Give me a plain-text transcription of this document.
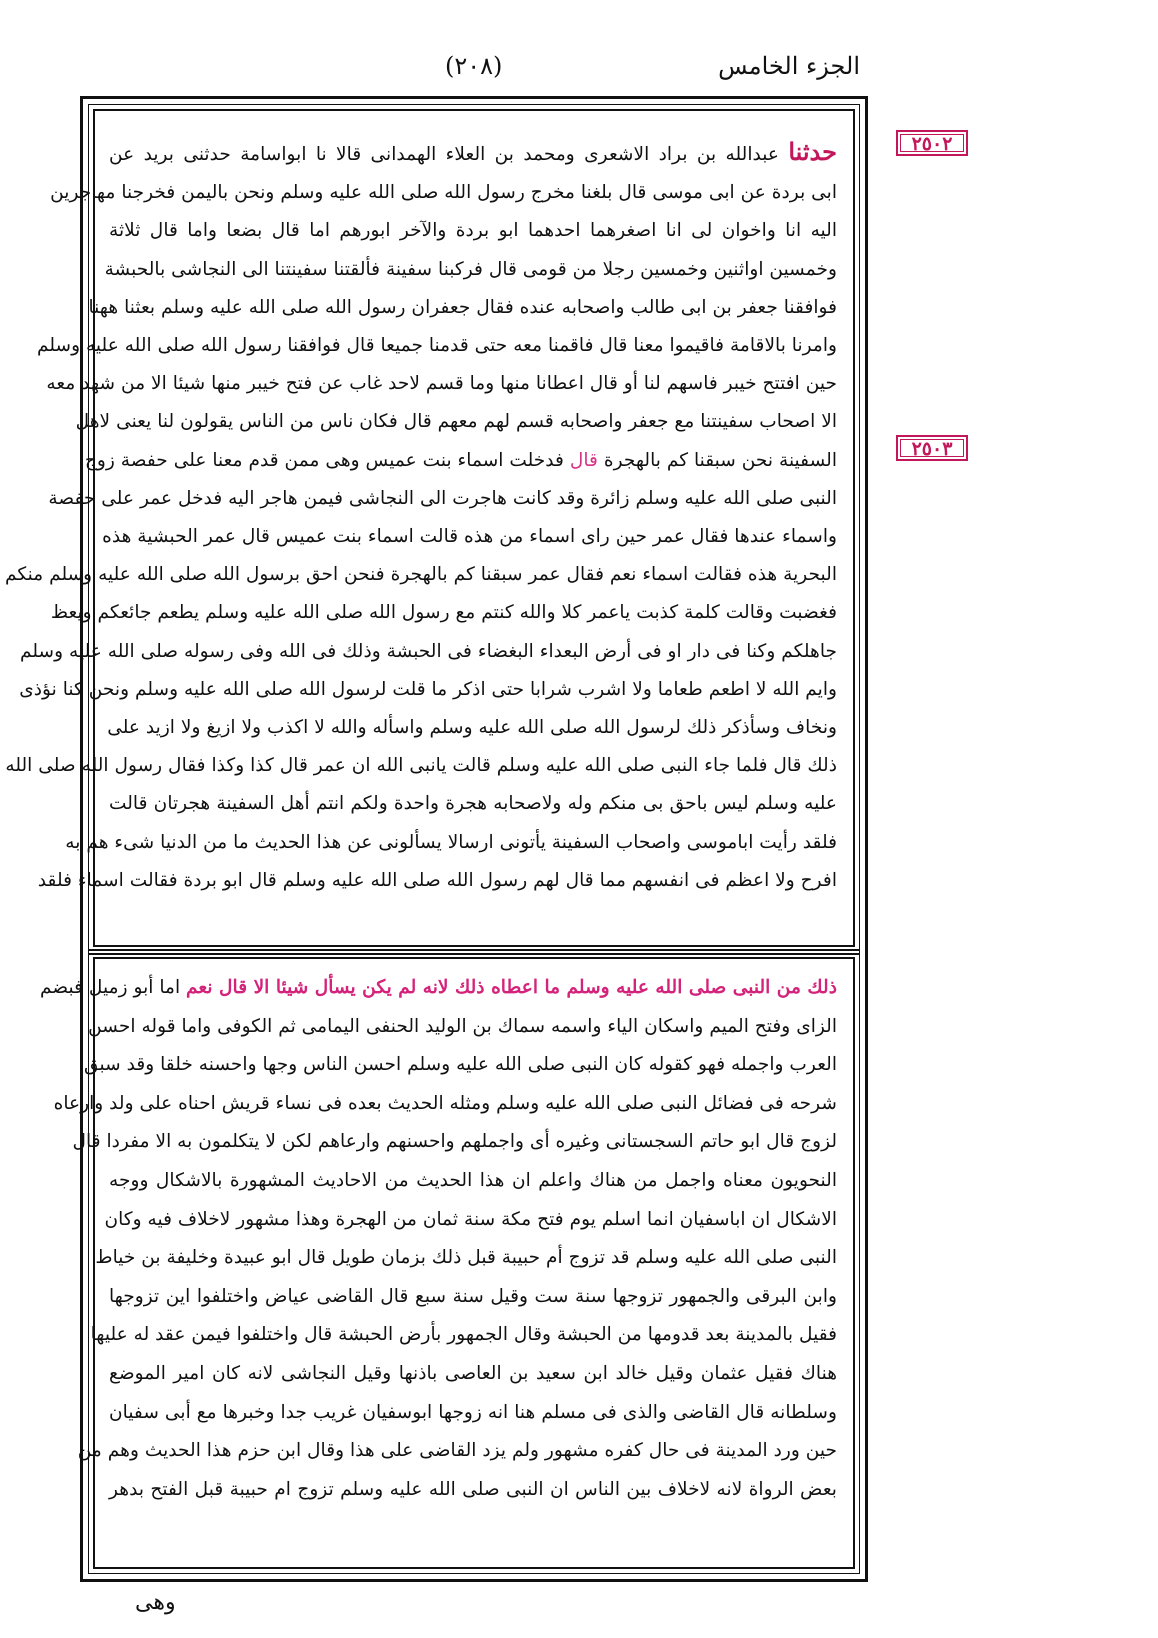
الجزء الخامس
(٢٠٨)
٢٥٠٢
٢٥٠٣
حدثنا عبدالله بن براد الاشعرى ومحمد بن العلاء الهمدانى قالا نا ابواسامة حدثنى بريد عن
ابى بردة عن ابى موسى قال بلغنا مخرج رسول الله صلى الله عليه وسلم ونحن باليمن فخرجنا مهاجرين
اليه انا واخوان لى انا اصغرهما احدهما ابو بردة والآخر ابورهم اما قال بضعا واما قال ثلاثة
وخمسين اواثنين وخمسين رجلا من قومى قال فركبنا سفينة فألقتنا سفينتنا الى النجاشى بالحبشة
فوافقنا جعفر بن ابى طالب واصحابه عنده فقال جعفران رسول الله صلى الله عليه وسلم بعثنا ههنا
وامرنا بالاقامة فاقيموا معنا قال فاقمنا معه حتى قدمنا جميعا قال فوافقنا رسول الله صلى الله عليه وسلم
حين افتتح خيبر فاسهم لنا أو قال اعطانا منها وما قسم لاحد غاب عن فتح خيبر منها شيئا الا من شهد معه
الا اصحاب سفينتنا مع جعفر واصحابه قسم لهم معهم قال فكان ناس من الناس يقولون لنا يعنى لاهل
السفينة نحن سبقنا كم بالهجرة قال فدخلت اسماء بنت عميس وهى ممن قدم معنا على حفصة زوج
النبى صلى الله عليه وسلم زائرة وقد كانت هاجرت الى النجاشى فيمن هاجر اليه فدخل عمر على حفصة
واسماء عندها فقال عمر حين راى اسماء من هذه قالت اسماء بنت عميس قال عمر الحبشية هذه
البحرية هذه فقالت اسماء نعم فقال عمر سبقنا كم بالهجرة فنحن احق برسول الله صلى الله عليه وسلم منكم
فغضبت وقالت كلمة كذبت ياعمر كلا والله كنتم مع رسول الله صلى الله عليه وسلم يطعم جائعكم ويعظ
جاهلكم وكنا فى دار او فى أرض البعداء البغضاء فى الحبشة وذلك فى الله وفى رسوله صلى الله عليه وسلم
وايم الله لا اطعم طعاما ولا اشرب شرابا حتى اذكر ما قلت لرسول الله صلى الله عليه وسلم ونحن كنا نؤذى
ونخاف وسأذكر ذلك لرسول الله صلى الله عليه وسلم واسأله والله لا اكذب ولا ازيغ ولا ازيد على
ذلك قال فلما جاء النبى صلى الله عليه وسلم قالت يانبى الله ان عمر قال كذا وكذا فقال رسول الله صلى الله
عليه وسلم ليس باحق بى منكم وله ولاصحابه هجرة واحدة ولكم انتم أهل السفينة هجرتان قالت
فلقد رأيت اباموسى واصحاب السفينة يأتونى ارسالا يسألونى عن هذا الحديث ما من الدنيا شىء هم به
افرح ولا اعظم فى انفسهم مما قال لهم رسول الله صلى الله عليه وسلم قال ابو بردة فقالت اسماء فلقد
ذلك من النبى صلى الله عليه وسلم ما اعطاه ذلك لانه لم يكن يسأل شيئا الا قال نعم اما أبو زميل فبضم
الزاى وفتح الميم واسكان الياء واسمه سماك بن الوليد الحنفى اليمامى ثم الكوفى واما قوله احسن
العرب واجمله فهو كقوله كان النبى صلى الله عليه وسلم احسن الناس وجها واحسنه خلقا وقد سبق
شرحه فى فضائل النبى صلى الله عليه وسلم ومثله الحديث بعده فى نساء قريش احناه على ولد وارعاه
لزوج قال ابو حاتم السجستانى وغيره أى واجملهم واحسنهم وارعاهم لكن لا يتكلمون به الا مفردا قال
النحويون معناه واجمل من هناك واعلم ان هذا الحديث من الاحاديث المشهورة بالاشكال ووجه
الاشكال ان اباسفيان انما اسلم يوم فتح مكة سنة ثمان من الهجرة وهذا مشهور لاخلاف فيه وكان
النبى صلى الله عليه وسلم قد تزوج أم حبيبة قبل ذلك بزمان طويل قال ابو عبيدة وخليفة بن خياط
وابن البرقى والجمهور تزوجها سنة ست وقيل سنة سبع قال القاضى عياض واختلفوا اين تزوجها
فقيل بالمدينة بعد قدومها من الحبشة وقال الجمهور بأرض الحبشة قال واختلفوا فيمن عقد له عليها
هناك فقيل عثمان وقيل خالد ابن سعيد بن العاصى باذنها وقيل النجاشى لانه كان امير الموضع
وسلطانه قال القاضى والذى فى مسلم هنا انه زوجها ابوسفيان غريب جدا وخبرها مع أبى سفيان
حين ورد المدينة فى حال كفره مشهور ولم يزد القاضى على هذا وقال ابن حزم هذا الحديث وهم من
بعض الرواة لانه لاخلاف بين الناس ان النبى صلى الله عليه وسلم تزوج ام حبيبة قبل الفتح بدهر
وهى
